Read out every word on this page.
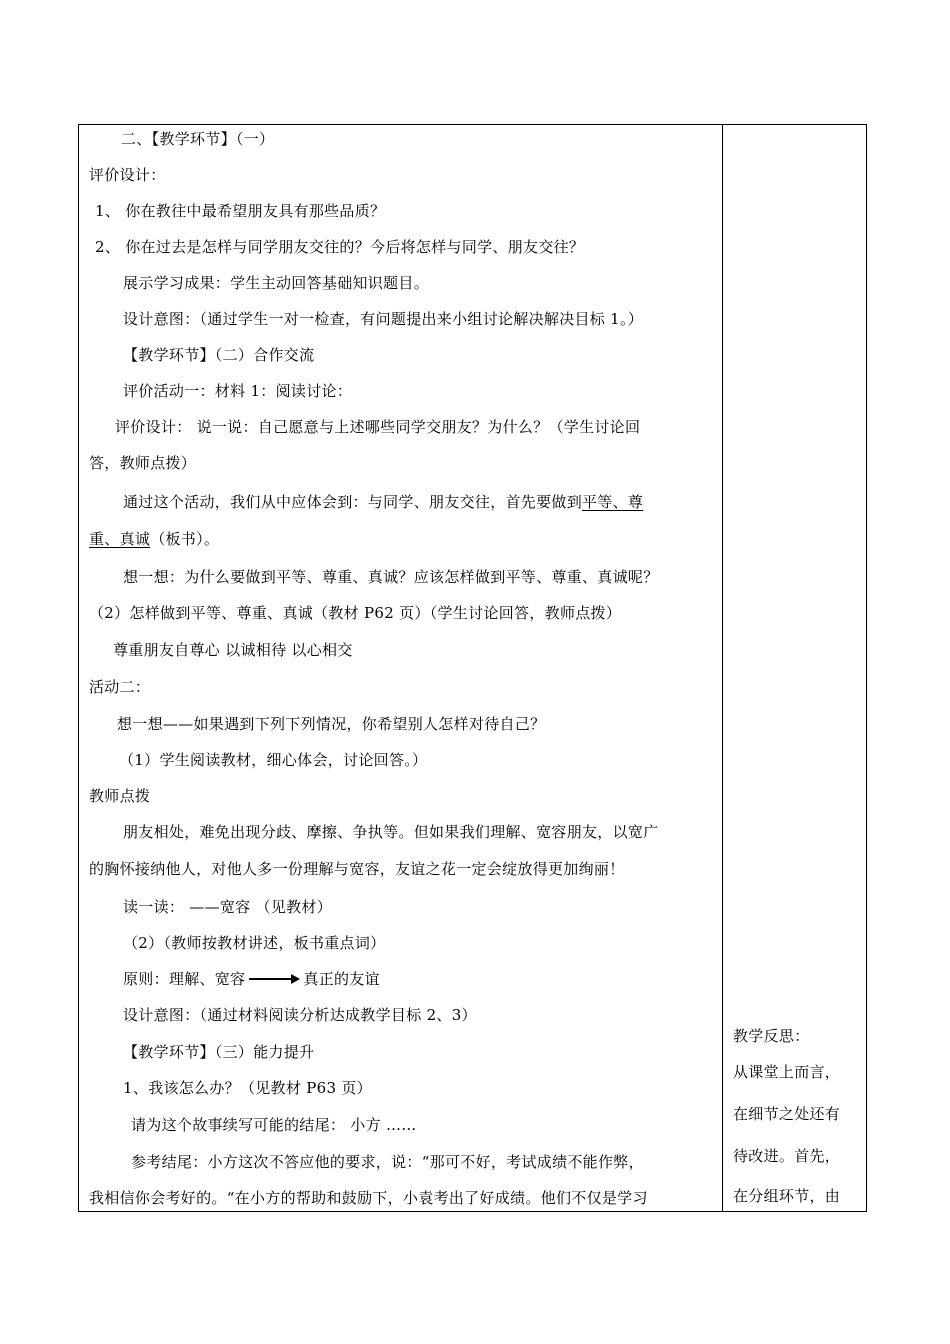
二、【教学环节】（一）
评价设计：
1、 你在教往中最希望朋友具有那些品质？
2、 你在过去是怎样与同学朋友交往的？今后将怎样与同学、朋友交往？
展示学习成果：学生主动回答基础知识题目。
设计意图：（通过学生一对一检查，有问题提出来小组讨论解决解决目标 1。）
【教学环节】（二）合作交流
评价活动一：材料 1：阅读讨论：
评价设计： 说一说：自己愿意与上述哪些同学交朋友？为什么？（学生讨论回
答，教师点拨）
通过这个活动，我们从中应体会到：与同学、朋友交往，首先要做到平等、尊
重、真诚（板书）。
想一想：为什么要做到平等、尊重、真诚？应该怎样做到平等、尊重、真诚呢？
（2）怎样做到平等、尊重、真诚（教材 P62 页）（学生讨论回答，教师点拨）
尊重朋友自尊心 以诚相待 以心相交
活动二：
想一想——如果遇到下列下列情况，你希望别人怎样对待自己？
（1）学生阅读教材，细心体会，讨论回答。）
教师点拨
朋友相处，难免出现分歧、摩擦、争执等。但如果我们理解、宽容朋友，以宽广
的胸怀接纳他人，对他人多一份理解与宽容，友谊之花一定会绽放得更加绚丽！
读一读： ——宽容 （见教材）
（2）（教师按教材讲述，板书重点词）
原则：理解、宽容	真正的友谊
设计意图：（通过材料阅读分析达成教学目标 2、3）
【教学环节】（三）能力提升
1、我该怎么办？（见教材 P63 页）
请为这个故事续写可能的结尾： 小方 ……
参考结尾：小方这次不答应他的要求，说：“那可不好，考试成绩不能作弊，
我相信你会考好的。“在小方的帮助和鼓励下，小袁考出了好成绩。他们不仅是学习
教学反思：
从课堂上而言，
在细节之处还有
待改进。首先，
在分组环节，由
